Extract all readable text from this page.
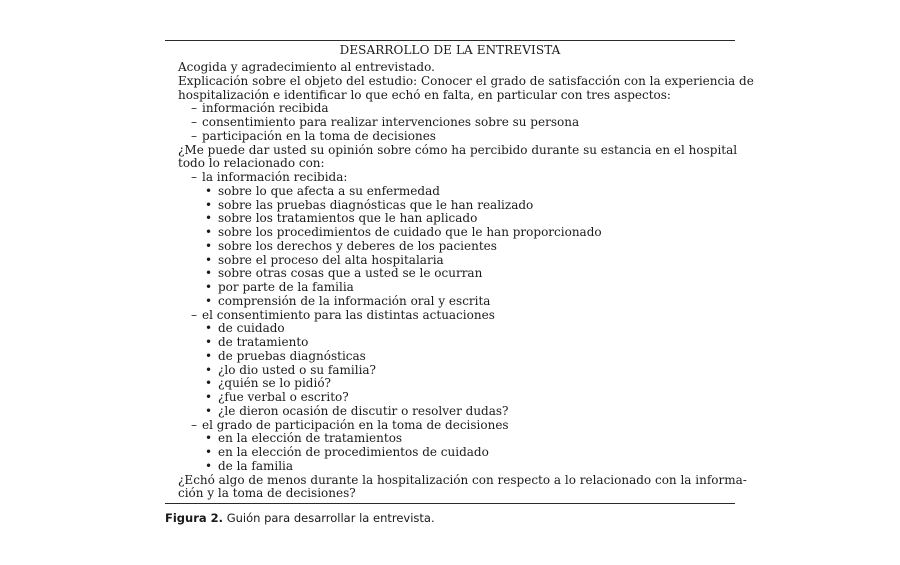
DESARROLLO DE LA ENTREVISTA
Acogida y agradecimiento al entrevistado.
Explicación sobre el objeto del estudio: Conocer el grado de satisfacción con la experiencia de
hospitalización e identificar lo que echó en falta, en particular con tres aspectos:
– información recibida
– consentimiento para realizar intervenciones sobre su persona
– participación en la toma de decisiones
¿Me puede dar usted su opinión sobre cómo ha percibido durante su estancia en el hospital
todo lo relacionado con:
– la información recibida:
• sobre lo que afecta a su enfermedad
• sobre las pruebas diagnósticas que le han realizado
• sobre los tratamientos que le han aplicado
• sobre los procedimientos de cuidado que le han proporcionado
• sobre los derechos y deberes de los pacientes
• sobre el proceso del alta hospitalaria
• sobre otras cosas que a usted se le ocurran
• por parte de la familia
• comprensión de la información oral y escrita
– el consentimiento para las distintas actuaciones
• de cuidado
• de tratamiento
• de pruebas diagnósticas
• ¿lo dio usted o su familia?
• ¿quién se lo pidió?
• ¿fue verbal o escrito?
• ¿le dieron ocasión de discutir o resolver dudas?
– el grado de participación en la toma de decisiones
• en la elección de tratamientos
• en la elección de procedimientos de cuidado
• de la familia
¿Echó algo de menos durante la hospitalización con respecto a lo relacionado con la informa-
ción y la toma de decisiones?
Figura 2. Guión para desarrollar la entrevista.
